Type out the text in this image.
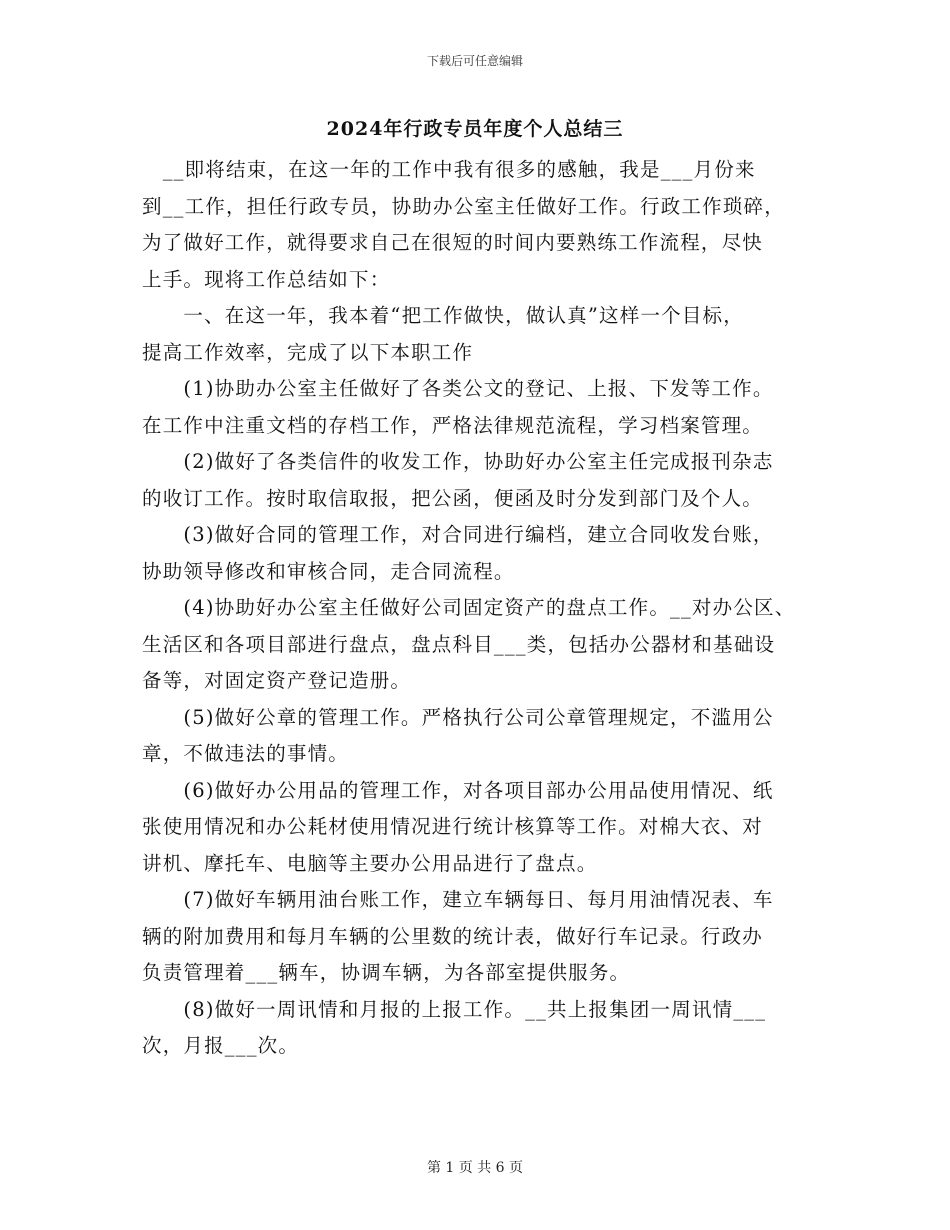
下载后可任意编辑
2024年行政专员年度个人总结三
　__即将结束，在这一年的工作中我有很多的感触，我是___月份来
到__工作，担任行政专员，协助办公室主任做好工作。行政工作琐碎，
为了做好工作，就得要求自己在很短的时间内要熟练工作流程，尽快
上手。现将工作总结如下：
　　一、在这一年，我本着“把工作做快，做认真”这样一个目标，
提高工作效率，完成了以下本职工作
　　(1)协助办公室主任做好了各类公文的登记、上报、下发等工作。
在工作中注重文档的存档工作，严格法律规范流程，学习档案管理。
　　(2)做好了各类信件的收发工作，协助好办公室主任完成报刊杂志
的收订工作。按时取信取报，把公函，便函及时分发到部门及个人。
　　(3)做好合同的管理工作，对合同进行编档，建立合同收发台账，
协助领导修改和审核合同，走合同流程。
　　(4)协助好办公室主任做好公司固定资产的盘点工作。__对办公区、
生活区和各项目部进行盘点，盘点科目___类，包括办公器材和基础设
备等，对固定资产登记造册。
　　(5)做好公章的管理工作。严格执行公司公章管理规定，不滥用公
章，不做违法的事情。
　　(6)做好办公用品的管理工作，对各项目部办公用品使用情况、纸
张使用情况和办公耗材使用情况进行统计核算等工作。对棉大衣、对
讲机、摩托车、电脑等主要办公用品进行了盘点。
　　(7)做好车辆用油台账工作，建立车辆每日、每月用油情况表、车
辆的附加费用和每月车辆的公里数的统计表，做好行车记录。行政办
负责管理着___辆车，协调车辆，为各部室提供服务。
　　(8)做好一周讯情和月报的上报工作。__共上报集团一周讯情___
次，月报___次。
第 1 页 共 6 页
